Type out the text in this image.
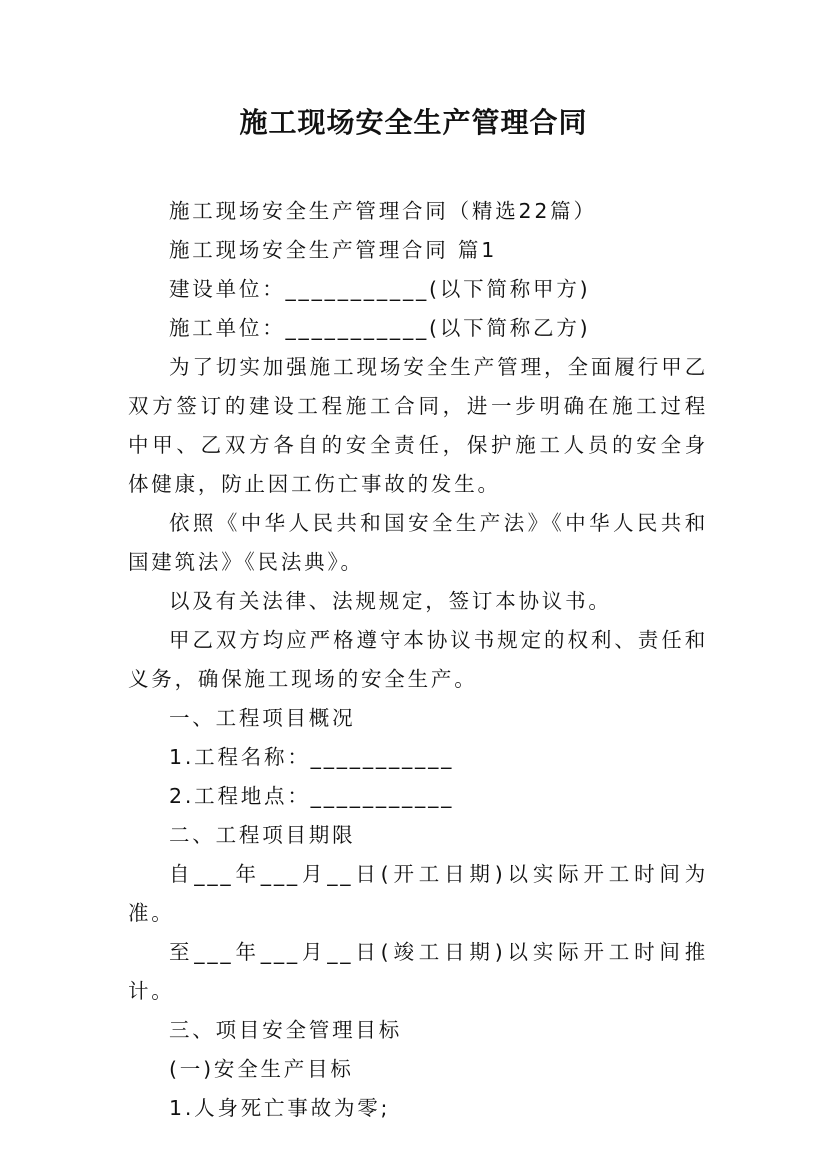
施工现场安全生产管理合同

施工现场安全生产管理合同（精选22篇）

施工现场安全生产管理合同 篇1

建设单位：___________(以下简称甲方)

施工单位：___________(以下简称乙方)

为了切实加强施工现场安全生产管理，全面履行甲乙双方签订的建设工程施工合同，进一步明确在施工过程中甲、乙双方各自的安全责任，保护施工人员的安全身体健康，防止因工伤亡事故的发生。

依照《中华人民共和国安全生产法》《中华人民共和国建筑法》《民法典》。

以及有关法律、法规规定，签订本协议书。

甲乙双方均应严格遵守本协议书规定的权利、责任和义务，确保施工现场的安全生产。

一、工程项目概况

1.工程名称：___________

2.工程地点：___________

二、工程项目期限

自___年___月__日(开工日期)以实际开工时间为准。

至___年___月__日(竣工日期)以实际开工时间推计。

三、项目安全管理目标

(一)安全生产目标

1.人身死亡事故为零;
